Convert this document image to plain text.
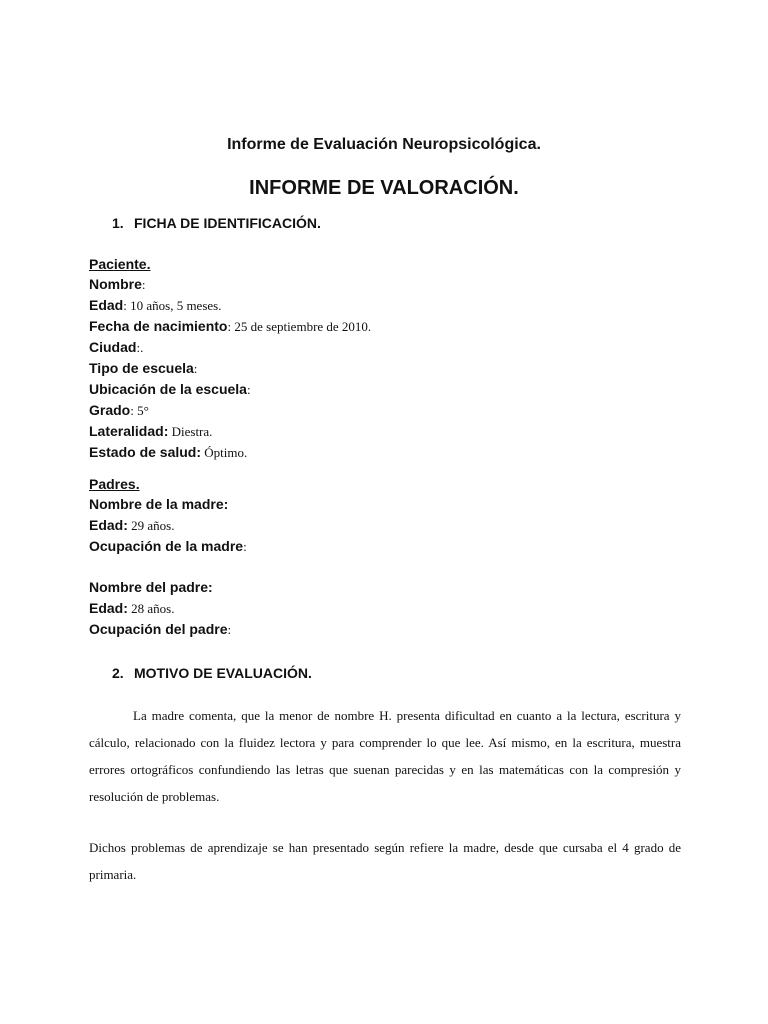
Informe de Evaluación Neuropsicológica.
INFORME DE VALORACIÓN.
1. FICHA DE IDENTIFICACIÓN.
Paciente.
Nombre:
Edad: 10 años, 5 meses.
Fecha de nacimiento: 25 de septiembre de 2010.
Ciudad:.
Tipo de escuela:
Ubicación de la escuela:
Grado: 5°
Lateralidad: Diestra.
Estado de salud: Óptimo.
Padres.
Nombre de la madre:
Edad: 29 años.
Ocupación de la madre:
Nombre del padre:
Edad: 28 años.
Ocupación del padre:
2. MOTIVO DE EVALUACIÓN.

La madre comenta, que la menor de nombre H. presenta dificultad en cuanto a la lectura, escritura y cálculo, relacionado con la fluidez lectora y para comprender lo que lee. Así mismo, en la escritura, muestra errores ortográficos confundiendo las letras que suenan parecidas y en las matemáticas con la compresión y resolución de problemas.

Dichos problemas de aprendizaje se han presentado según refiere la madre, desde que cursaba el 4 grado de primaria.
